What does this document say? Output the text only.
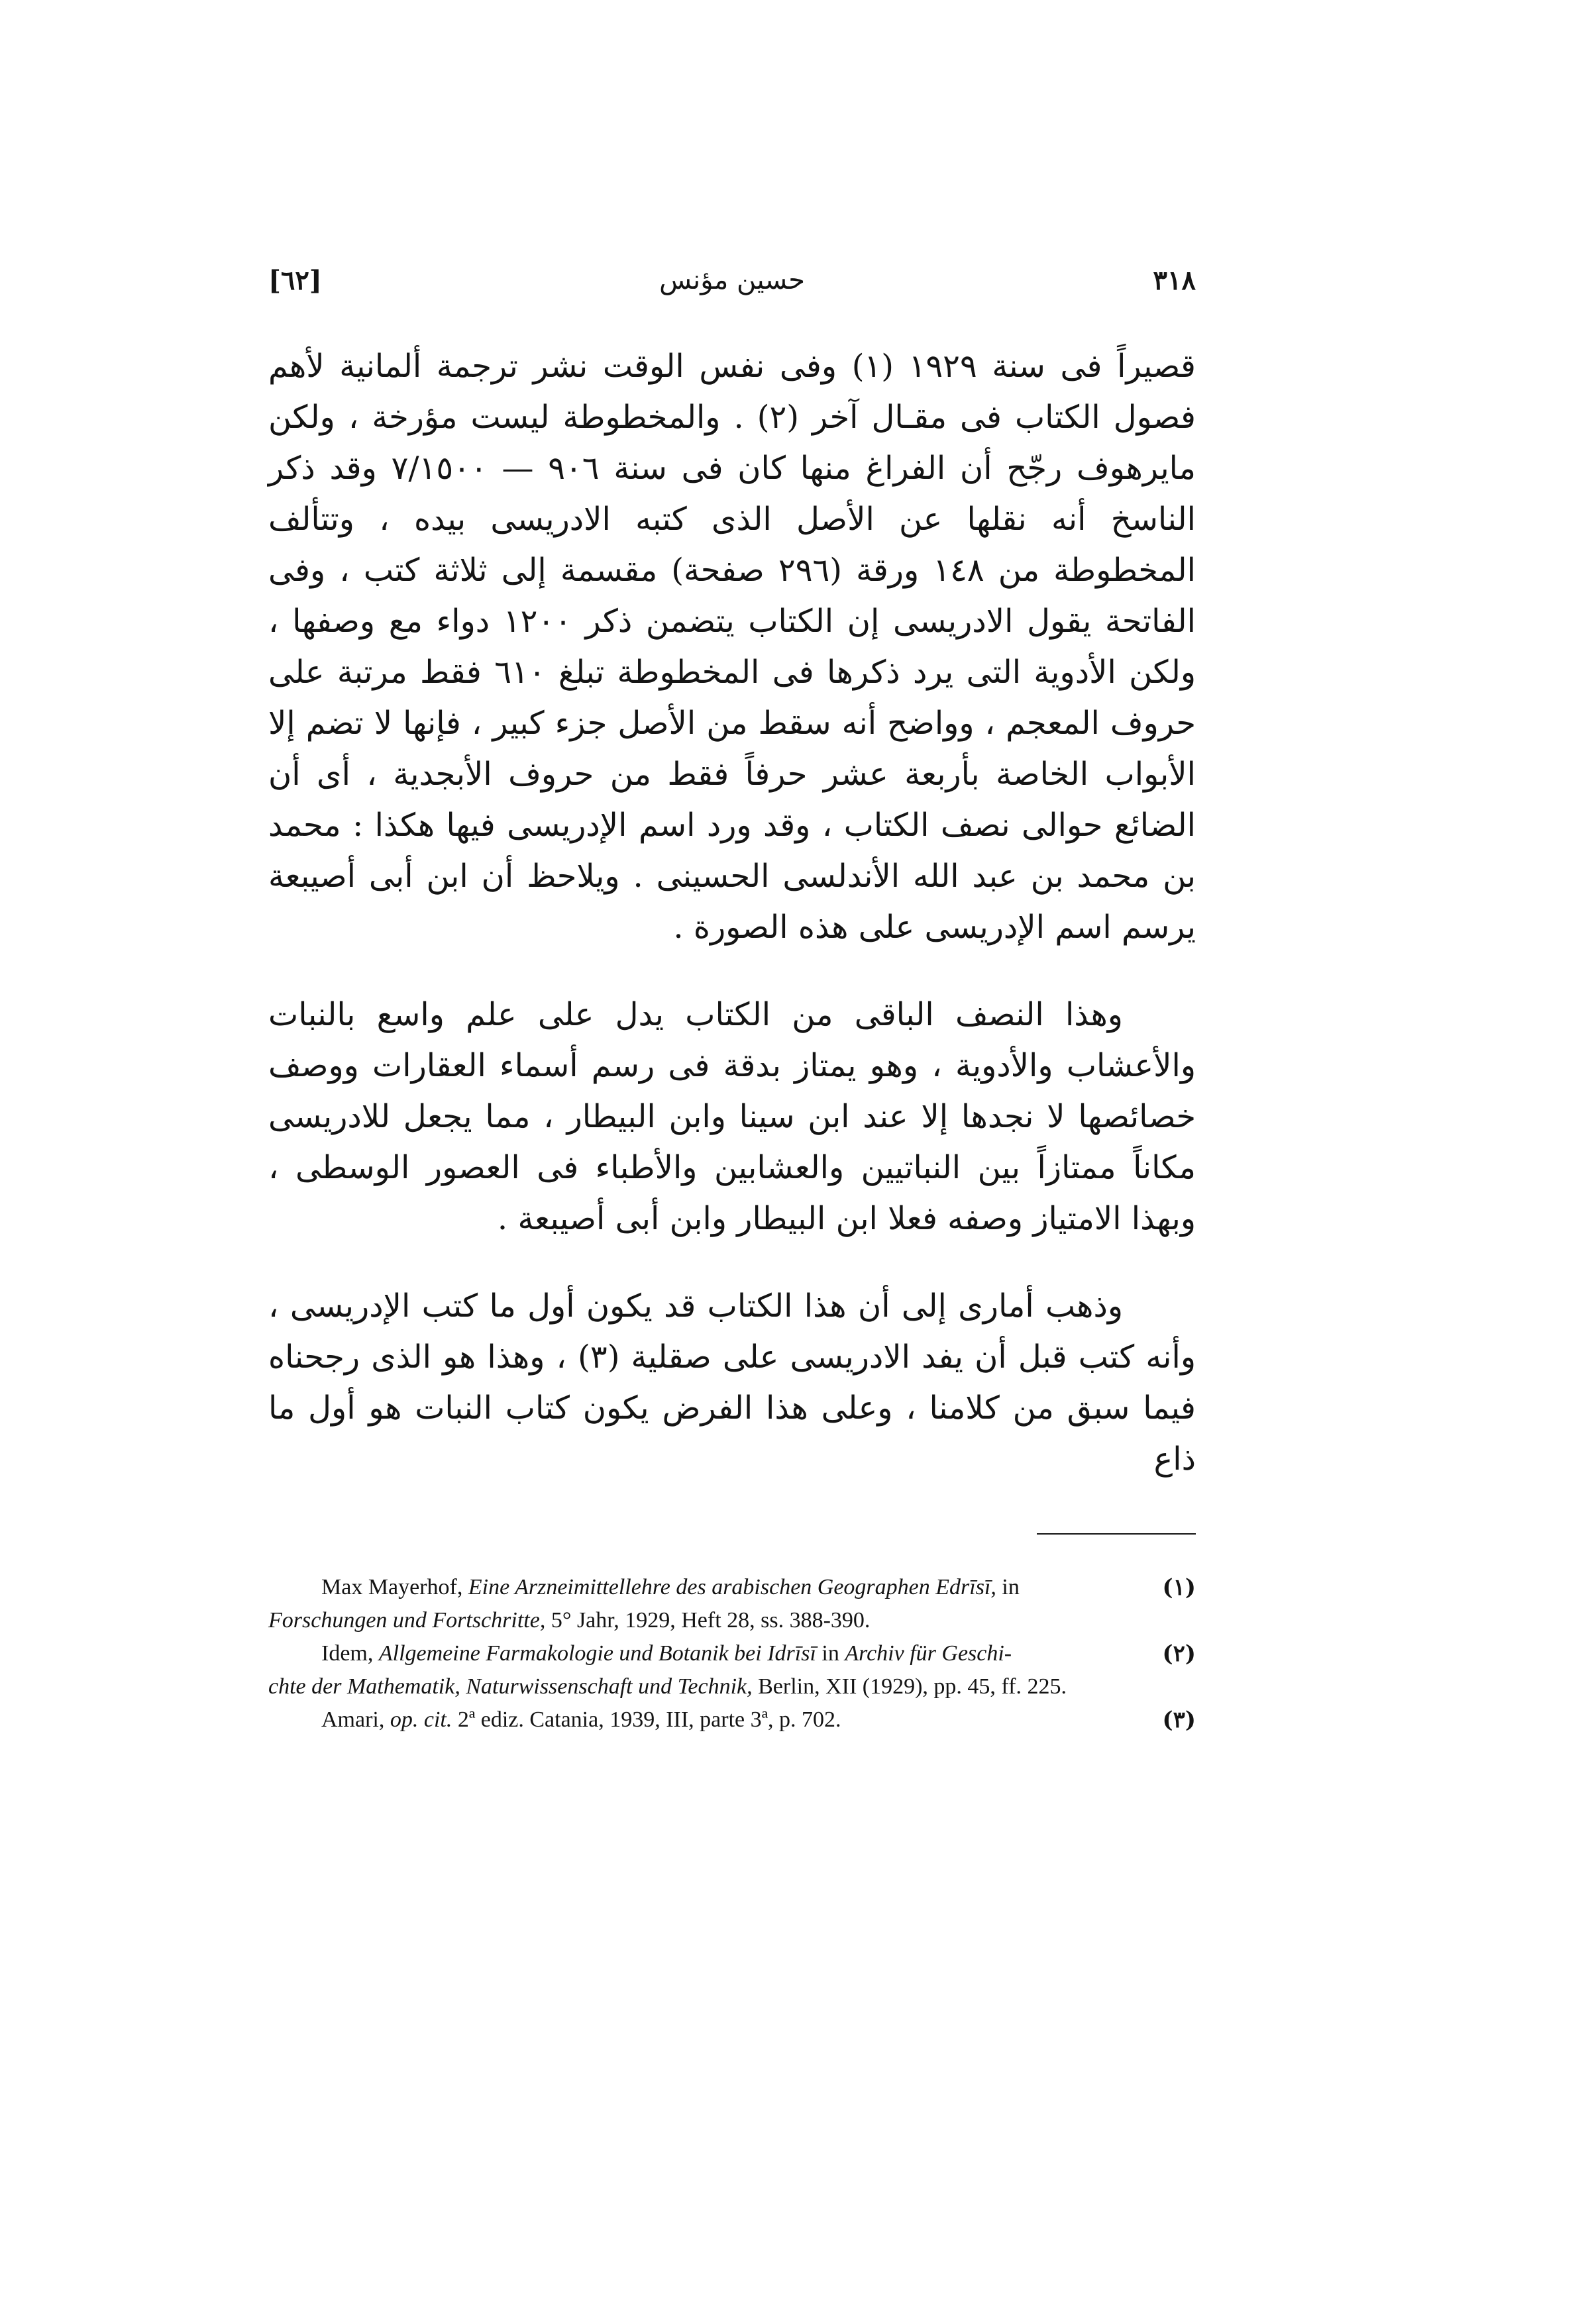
٣١٨
حسين مؤنس
[٦٢]

قصيراً فى سنة ١٩٢٩ (١) وفى نفس الوقت نشر ترجمة ألمانية لأهم فصول الكتاب فى مقـال آخر (٢) . والمخطوطة ليست مؤرخة ، ولكن مايرهوف رجّح أن الفراغ منها كان فى سنة ٩٠٦ — ٧/١٥٠٠ وقد ذكر الناسخ أنه نقلها عن الأصل الذى كتبه الادريسى بيده ، وتتألف المخطوطة من ١٤٨ ورقة (٢٩٦ صفحة) مقسمة إلى ثلاثة كتب ، وفى الفاتحة يقول الادريسى إن الكتاب يتضمن ذكر ١٢٠٠ دواء مع وصفها ، ولكن الأدوية التى يرد ذكرها فى المخطوطة تبلغ ٦١٠ فقط مرتبة على حروف المعجم ، وواضح أنه سقط من الأصل جزء كبير ، فإنها لا تضم إلا الأبواب الخاصة بأربعة عشر حرفاً فقط من حروف الأبجدية ، أى أن الضائع حوالى نصف الكتاب ، وقد ورد اسم الإدريسى فيها هكذا : محمد بن محمد بن عبد الله الأندلسى الحسينى . ويلاحظ أن ابن أبى أصيبعة يرسم اسم الإدريسى على هذه الصورة .

وهذا النصف الباقى من الكتاب يدل على علم واسع بالنبات والأعشاب والأدوية ، وهو يمتاز بدقة فى رسم أسماء العقارات ووصف خصائصها لا نجدها إلا عند ابن سينا وابن البيطار ، مما يجعل للادريسى مكاناً ممتازاً بين النباتيين والعشابين والأطباء فى العصور الوسطى ، وبهذا الامتياز وصفه فعلا ابن البيطار وابن أبى أصيبعة .

وذهب أمارى إلى أن هذا الكتاب قد يكون أول ما كتب الإدريسى ، وأنه كتب قبل أن يفد الادريسى على صقلية (٣) ، وهذا هو الذى رجحناه فيما سبق من كلامنا ، وعلى هذا الفرض يكون كتاب النبات هو أول ما ذاع

Max Mayerhof, Eine Arzneimittellehre des arabischen Geographen Edrīsī, in	(١)
Forschungen und Fortschritte, 5° Jahr, 1929, Heft 28, ss. 388-390.
Idem, Allgemeine Farmakologie und Botanik bei Idrīsī in Archiv für Geschi-	(٢)
chte der Mathematik, Naturwissenschaft und Technik, Berlin, XII (1929), pp. 45, ff. 225.
Amari, op. cit. 2ª ediz. Catania, 1939, III, parte 3ª, p. 702.	(٣)
